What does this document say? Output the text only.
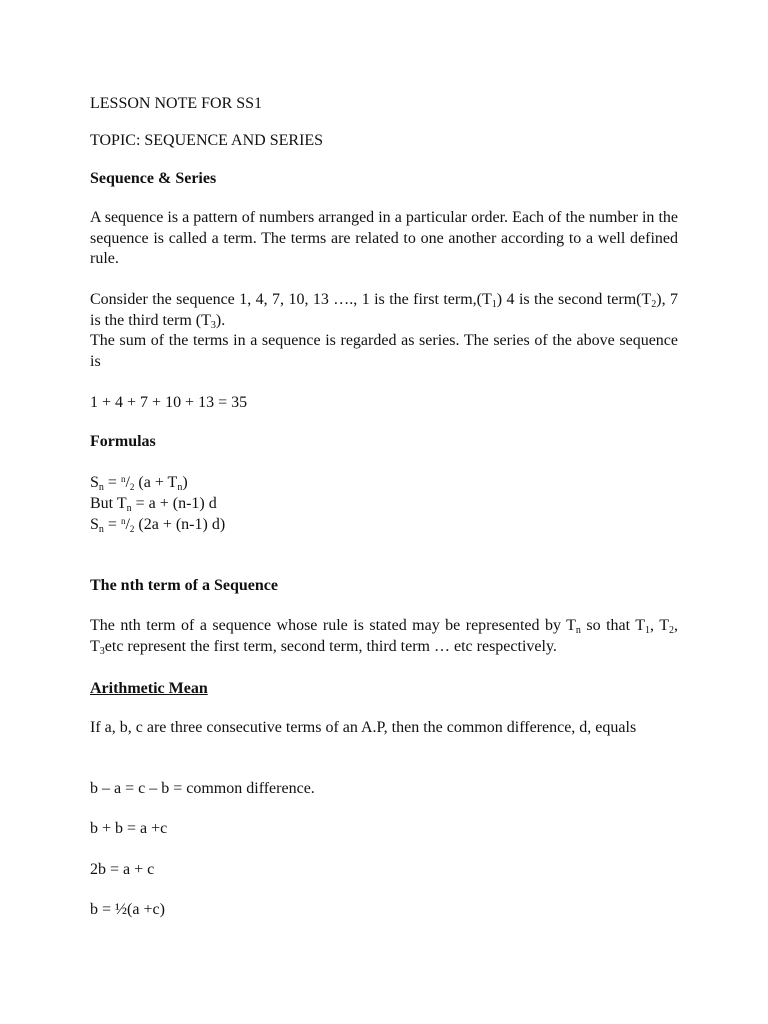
LESSON NOTE FOR SS1
TOPIC: SEQUENCE AND SERIES
Sequence & Series
A sequence is a pattern of numbers arranged in a particular order. Each of the number in the sequence is called a term. The terms are related to one another according to a well defined rule.
Consider the sequence 1, 4, 7, 10, 13 …., 1 is the first $term,(T_1)$ 4 is the second $term(T_2)$, 7 is the third term $(T_3)$.
The sum of the terms in a sequence is regarded as series. The series of the above sequence is
1 + 4 + 7 + 10 + 13 = 35
Formulas
$S_n = ^n/2$ $(a + T_n)$
But $T_n = a + (n-1)$ d
$S_n = ^n/2$ (2a + (n-1) d)
The nth term of a Sequence
The nth term of a sequence whose rule is stated may be represented by $T_n$ so that $T_1$, $T_2$, $T_3etc$ represent the first term, second term, third term … etc respectively.
Arithmetic Mean
If a, b, c are three consecutive terms of an A.P, then the common difference, d, equals
b – a = c – b = common difference.
b + b = a +c
2b = a + c
b = ½(a +c)
